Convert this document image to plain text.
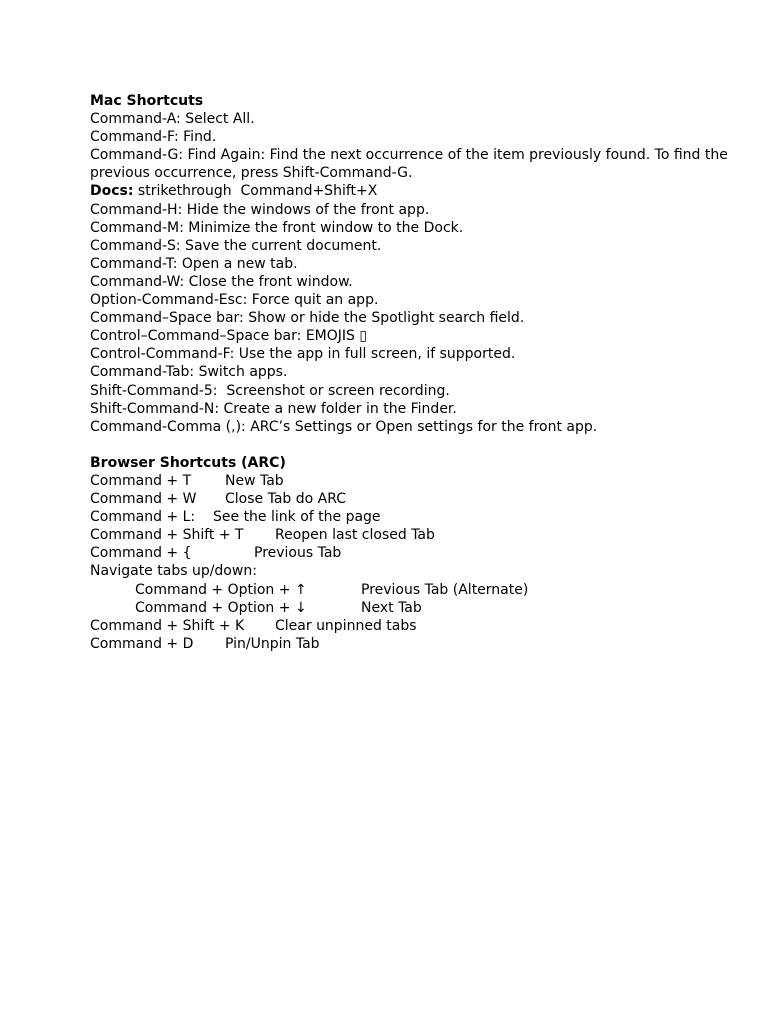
Mac Shortcuts
Command-A: Select All.
Command-F: Find.
Command-G: Find Again: Find the next occurrence of the item previously found. To find the previous occurrence, press Shift-Command-G.
Docs: strikethrough  Command+Shift+X
Command-H: Hide the windows of the front app.
Command-M: Minimize the front window to the Dock.
Command-S: Save the current document.
Command-T: Open a new tab.
Command-W: Close the front window.
Option-Command-Esc: Force quit an app.
Command–Space bar: Show or hide the Spotlight search field.
Control–Command–Space bar: EMOJIS ▯
Control-Command-F: Use the app in full screen, if supported.
Command-Tab: Switch apps.
Shift-Command-5:  Screenshot or screen recording.
Shift-Command-N: Create a new folder in the Finder.
Command-Comma (,): ARC’s Settings or Open settings for the front app.
Browser Shortcuts (ARC)
Command + T New Tab
Command + W Close Tab do ARC
Command + L: See the link of the page
Command + Shift + T Reopen last closed Tab
Command + {	Previous Tab
Navigate tabs up/down:
Command + Option + ↑	Previous Tab (Alternate)
Command + Option + ↓	Next Tab
Command + Shift + K Clear unpinned tabs
Command + D Pin/Unpin Tab
